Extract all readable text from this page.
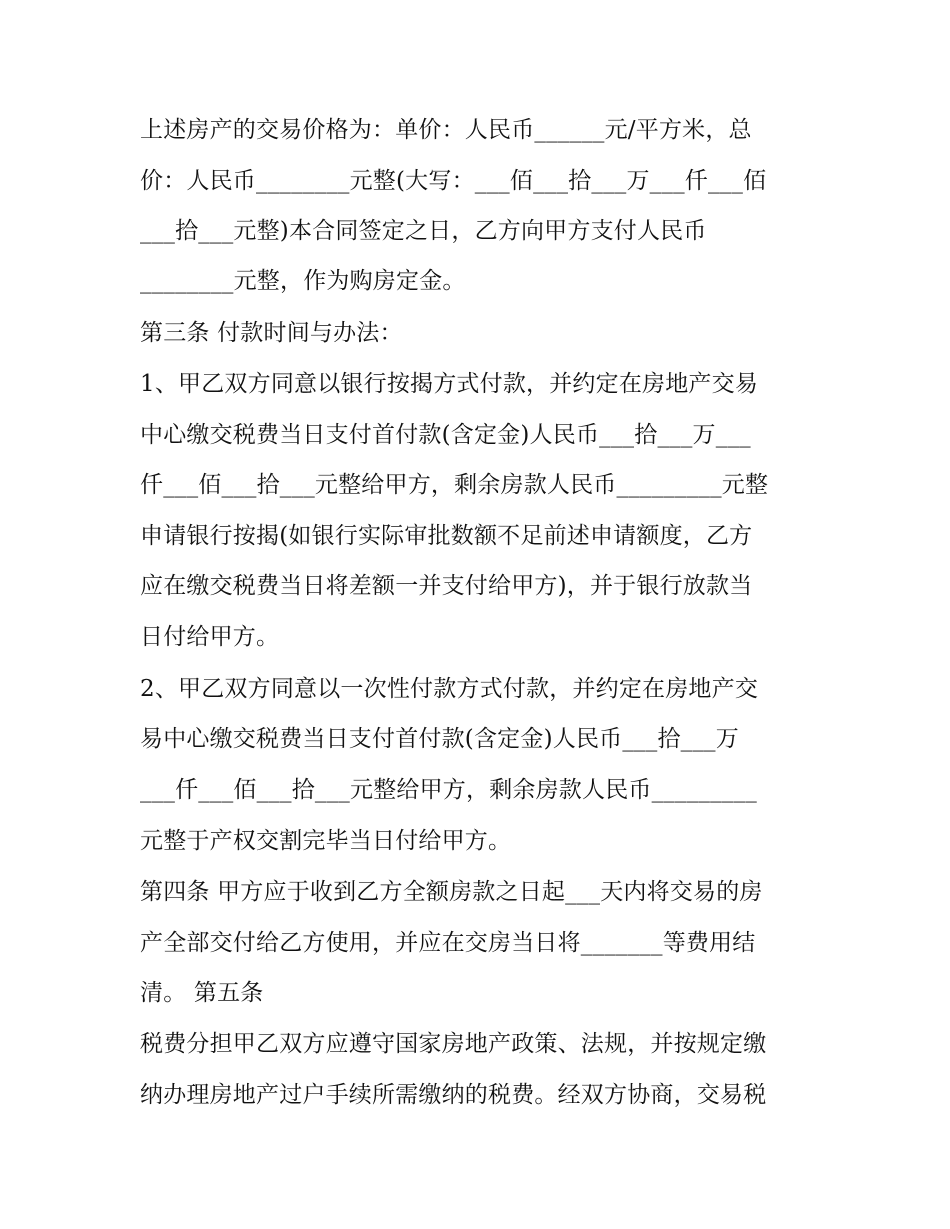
上述房产的交易价格为：单价：人民币______元/平方米，总
价：人民币________元整(大写：___佰___拾___万___仟___佰
___拾___元整)本合同签定之日，乙方向甲方支付人民币
________元整，作为购房定金。
第三条 付款时间与办法：
1、甲乙双方同意以银行按揭方式付款，并约定在房地产交易
中心缴交税费当日支付首付款(含定金)人民币___拾___万___
仟___佰___拾___元整给甲方，剩余房款人民币_________元整
申请银行按揭(如银行实际审批数额不足前述申请额度，乙方
应在缴交税费当日将差额一并支付给甲方)，并于银行放款当
日付给甲方。
2、甲乙双方同意以一次性付款方式付款，并约定在房地产交
易中心缴交税费当日支付首付款(含定金)人民币___拾___万
___仟___佰___拾___元整给甲方，剩余房款人民币_________
元整于产权交割完毕当日付给甲方。
第四条 甲方应于收到乙方全额房款之日起___天内将交易的房
产全部交付给乙方使用，并应在交房当日将_______等费用结
清。 第五条
税费分担甲乙双方应遵守国家房地产政策、法规，并按规定缴
纳办理房地产过户手续所需缴纳的税费。经双方协商，交易税
